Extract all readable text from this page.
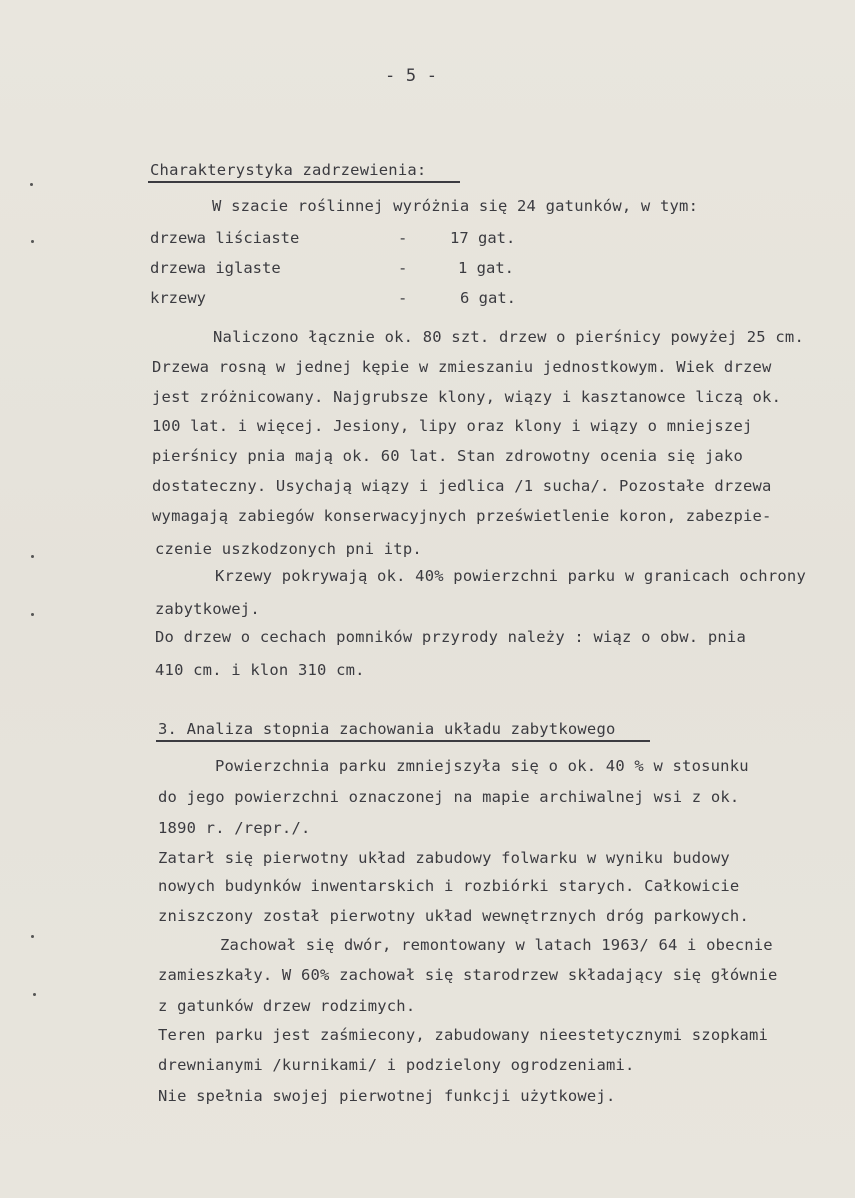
- 5 -
Charakterystyka zadrzewienia:
W szacie roślinnej wyróżnia się 24 gatunków, w tym:
drzewa liściaste	-	17 gat.
drzewa iglaste	-	1 gat.
krzewy	-	6 gat.
Naliczono łącznie ok. 80 szt. drzew o pierśnicy powyżej 25 cm.
Drzewa rosną w jednej kępie w zmieszaniu jednostkowym. Wiek drzew
jest zróżnicowany. Najgrubsze klony, wiązy i kasztanowce liczą ok.
100 lat. i więcej. Jesiony, lipy oraz klony i wiązy o mniejszej
pierśnicy pnia mają ok. 60 lat. Stan zdrowotny ocenia się jako
dostateczny. Usychają wiązy i jedlica /1 sucha/. Pozostałe drzewa
wymagają zabiegów konserwacyjnych prześwietlenie koron, zabezpie-
czenie uszkodzonych pni itp.
Krzewy pokrywają ok. 40% powierzchni parku w granicach ochrony
zabytkowej.
Do drzew o cechach pomników przyrody należy : wiąz o obw. pnia
410 cm. i klon 310 cm.
3. Analiza stopnia zachowania układu zabytkowego
Powierzchnia parku zmniejszyła się o ok. 40 % w stosunku
do jego powierzchni oznaczonej na mapie archiwalnej wsi z ok.
1890 r. /repr./.
Zatarł się pierwotny układ zabudowy folwarku w wyniku budowy
nowych budynków inwentarskich i rozbiórki starych. Całkowicie
zniszczony został pierwotny układ wewnętrznych dróg parkowych.
Zachował się dwór, remontowany w latach 1963/ 64 i obecnie
zamieszkały. W 60% zachował się starodrzew składający się głównie
z gatunków drzew rodzimych.
Teren parku jest zaśmiecony, zabudowany nieestetycznymi szopkami
drewnianymi /kurnikami/ i podzielony ogrodzeniami.
Nie spełnia swojej pierwotnej funkcji użytkowej.
